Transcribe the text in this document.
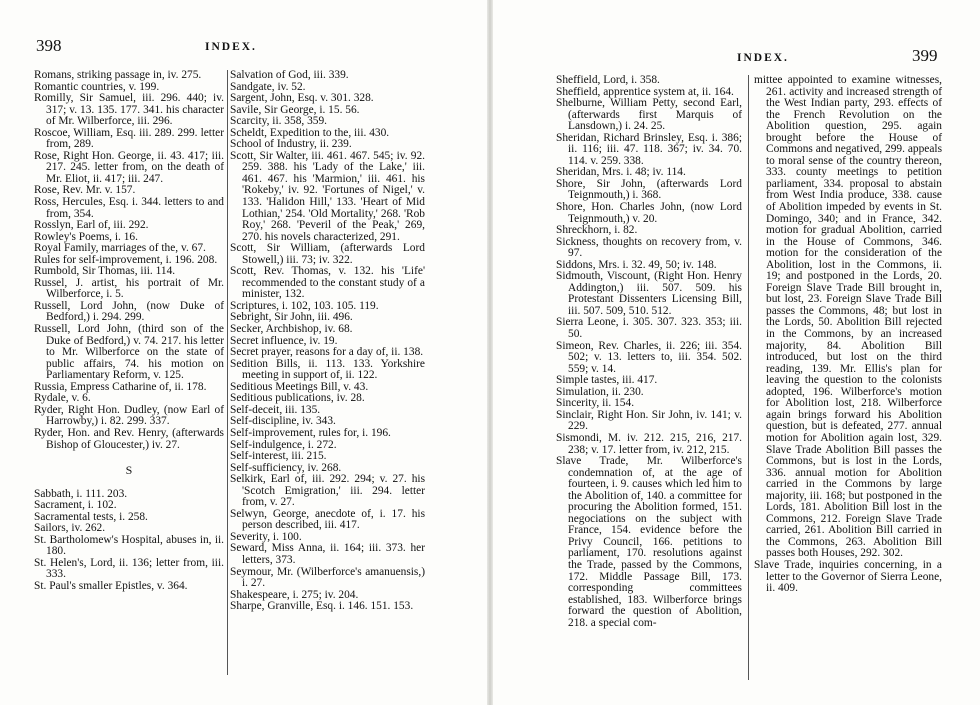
398	INDEX.

Romans, striking passage in, iv. 275.

Romantic countries, v. 199.

Romilly, Sir Samuel, iii. 296. 440; iv. 317; v. 13. 135. 177. 341. his character of Mr. Wilberforce, iii. 296.

Roscoe, William, Esq. iii. 289. 299. letter from, 289.

Rose, Right Hon. George, ii. 43. 417; iii. 217. 245. letter from, on the death of Mr. Eliot, ii. 417; iii. 247.

Rose, Rev. Mr. v. 157.

Ross, Hercules, Esq. i. 344. letters to and from, 354.

Rosslyn, Earl of, iii. 292.

Rowley's Poems, i. 16.

Royal Family, marriages of the, v. 67.

Rules for self-improvement, i. 196. 208.

Rumbold, Sir Thomas, iii. 114.

Russel, J. artist, his portrait of Mr. Wilberforce, i. 5.

Russell, Lord John, (now Duke of Bedford,) i. 294. 299.

Russell, Lord John, (third son of the Duke of Bedford,) v. 74. 217. his letter to Mr. Wilberforce on the state of public affairs, 74. his motion on Parliamentary Reform, v. 125.

Russia, Empress Catharine of, ii. 178.

Rydale, v. 6.

Ryder, Right Hon. Dudley, (now Earl of Harrowby,) i. 82. 299. 337.

Ryder, Hon. and Rev. Henry, (afterwards Bishop of Gloucester,) iv. 27.

S

Sabbath, i. 111. 203.

Sacrament, i. 102.

Sacramental tests, i. 258.

Sailors, iv. 262.

St. Bartholomew's Hospital, abuses in, ii. 180.

St. Helen's, Lord, ii. 136; letter from, iii. 333.

St. Paul's smaller Epistles, v. 364.

Salvation of God, iii. 339.

Sandgate, iv. 52.

Sargent, John, Esq. v. 301. 328.

Savile, Sir George, i. 15. 56.

Scarcity, ii. 358, 359.

Scheldt, Expedition to the, iii. 430.

School of Industry, ii. 239.

Scott, Sir Walter, iii. 461. 467. 545; iv. 92. 259. 388. his 'Lady of the Lake,' iii. 461. 467. his 'Marmion,' iii. 461. his 'Rokeby,' iv. 92. 'Fortunes of Nigel,' v. 133. 'Halidon Hill,' 133. 'Heart of Mid Lothian,' 254. 'Old Mortality,' 268. 'Rob Roy,' 268. 'Peveril of the Peak,' 269, 270. his novels characterized, 291.

Scott, Sir William, (afterwards Lord Stowell,) iii. 73; iv. 322.

Scott, Rev. Thomas, v. 132. his 'Life' recommended to the constant study of a minister, 132.

Scriptures, i. 102, 103. 105. 119.

Sebright, Sir John, iii. 496.

Secker, Archbishop, iv. 68.

Secret influence, iv. 19.

Secret prayer, reasons for a day of, ii. 138.

Sedition Bills, ii. 113. 133. Yorkshire meeting in support of, ii. 122.

Seditious Meetings Bill, v. 43.

Seditious publications, iv. 28.

Self-deceit, iii. 135.

Self-discipline, iv. 343.

Self-improvement, rules for, i. 196.

Self-indulgence, i. 272.

Self-interest, iii. 215.

Self-sufficiency, iv. 268.

Selkirk, Earl of, iii. 292. 294; v. 27. his 'Scotch Emigration,' iii. 294. letter from, v. 27.

Selwyn, George, anecdote of, i. 17. his person described, iii. 417.

Severity, i. 100.

Seward, Miss Anna, ii. 164; iii. 373. her letters, 373.

Seymour, Mr. (Wilberforce's amanuensis,) i. 27.

Shakespeare, i. 275; iv. 204.

Sharpe, Granville, Esq. i. 146. 151. 153.

INDEX.	399

Sheffield, Lord, i. 358.

Sheffield, apprentice system at, ii. 164.

Shelburne, William Petty, second Earl, (afterwards first Marquis of Lansdown,) i. 24. 25.

Sheridan, Richard Brinsley, Esq. i. 386; ii. 116; iii. 47. 118. 367; iv. 34. 70. 114. v. 259. 338.

Sheridan, Mrs. i. 48; iv. 114.

Shore, Sir John, (afterwards Lord Teignmouth,) i. 368.

Shore, Hon. Charles John, (now Lord Teignmouth,) v. 20.

Shreckhorn, i. 82.

Sickness, thoughts on recovery from, v. 97.

Siddons, Mrs. i. 32. 49, 50; iv. 148.

Sidmouth, Viscount, (Right Hon. Henry Addington,) iii. 507. 509. his Protestant Dissenters Licensing Bill, iii. 507. 509, 510. 512.

Sierra Leone, i. 305. 307. 323. 353; iii. 50.

Simeon, Rev. Charles, ii. 226; iii. 354. 502; v. 13. letters to, iii. 354. 502. 559; v. 14.

Simple tastes, iii. 417.

Simulation, ii. 230.

Sincerity, ii. 154.

Sinclair, Right Hon. Sir John, iv. 141; v. 229.

Sismondi, M. iv. 212. 215, 216, 217. 238; v. 17. letter from, iv. 212, 215.

Slave Trade, Mr. Wilberforce's condemnation of, at the age of fourteen, i. 9. causes which led him to the Abolition of, 140. a committee for procuring the Abolition formed, 151. negociations on the subject with France, 154. evidence before the Privy Council, 166. petitions to parliament, 170. resolutions against the Trade, passed by the Commons, 172. Middle Passage Bill, 173. corresponding committees established, 183. Wilberforce brings forward the question of Abolition, 218. a special com-

mittee appointed to examine witnesses, 261. activity and increased strength of the West Indian party, 293. effects of the French Revolution on the Abolition question, 295. again brought before the House of Commons and negatived, 299. appeals to moral sense of the country thereon, 333. county meetings to petition parliament, 334. proposal to abstain from West India produce, 338. cause of Abolition impeded by events in St. Domingo, 340; and in France, 342. motion for gradual Abolition, carried in the House of Commons, 346. motion for the consideration of the Abolition, lost in the Commons, ii. 19; and postponed in the Lords, 20. Foreign Slave Trade Bill brought in, but lost, 23. Foreign Slave Trade Bill passes the Commons, 48; but lost in the Lords, 50. Abolition Bill rejected in the Commons, by an increased majority, 84. Abolition Bill introduced, but lost on the third reading, 139. Mr. Ellis's plan for leaving the question to the colonists adopted, 196. Wilberforce's motion for Abolition lost, 218. Wilberforce again brings forward his Abolition question, but is defeated, 277. annual motion for Abolition again lost, 329. Slave Trade Abolition Bill passes the Commons, but is lost in the Lords, 336. annual motion for Abolition carried in the Commons by large majority, iii. 168; but postponed in the Lords, 181. Abolition Bill lost in the Commons, 212. Foreign Slave Trade carried, 261. Abolition Bill carried in the Commons, 263. Abolition Bill passes both Houses, 292. 302.

Slave Trade, inquiries concerning, in a letter to the Governor of Sierra Leone, ii. 409.
